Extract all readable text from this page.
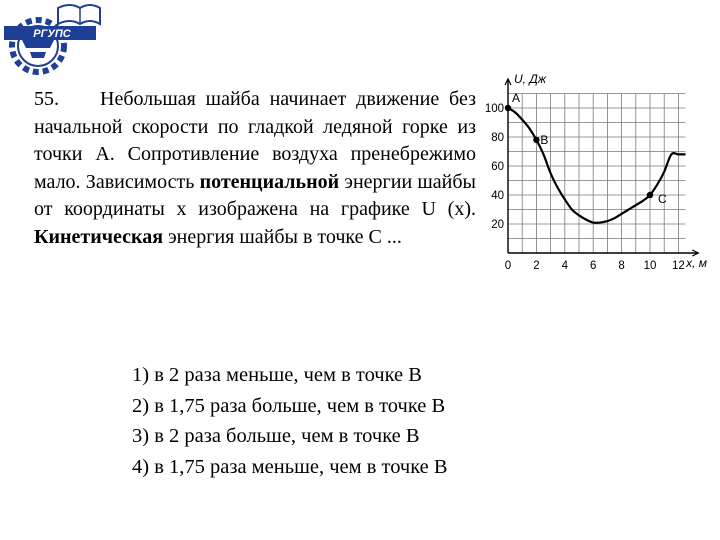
РГУПС

55. Небольшая шайба начинает движение без начальной скорости по гладкой ледяной горке из точки А. Сопротивление воздуха пренебрежимо мало. Зависимость потенциальной энергии шайбы от координаты х изображена на графике U (х). Кинетическая энергия шайбы в точке С ...

1) в 2 раза меньше, чем в точке В
2) в 1,75 раза больше, чем в точке В
3) в 2 раза больше, чем в точке В
4) в 1,75 раза меньше, чем в точке В
U, Дж
x, м
0 2 4 6 8 10 12
20
40
60
80
100
A
B
C
